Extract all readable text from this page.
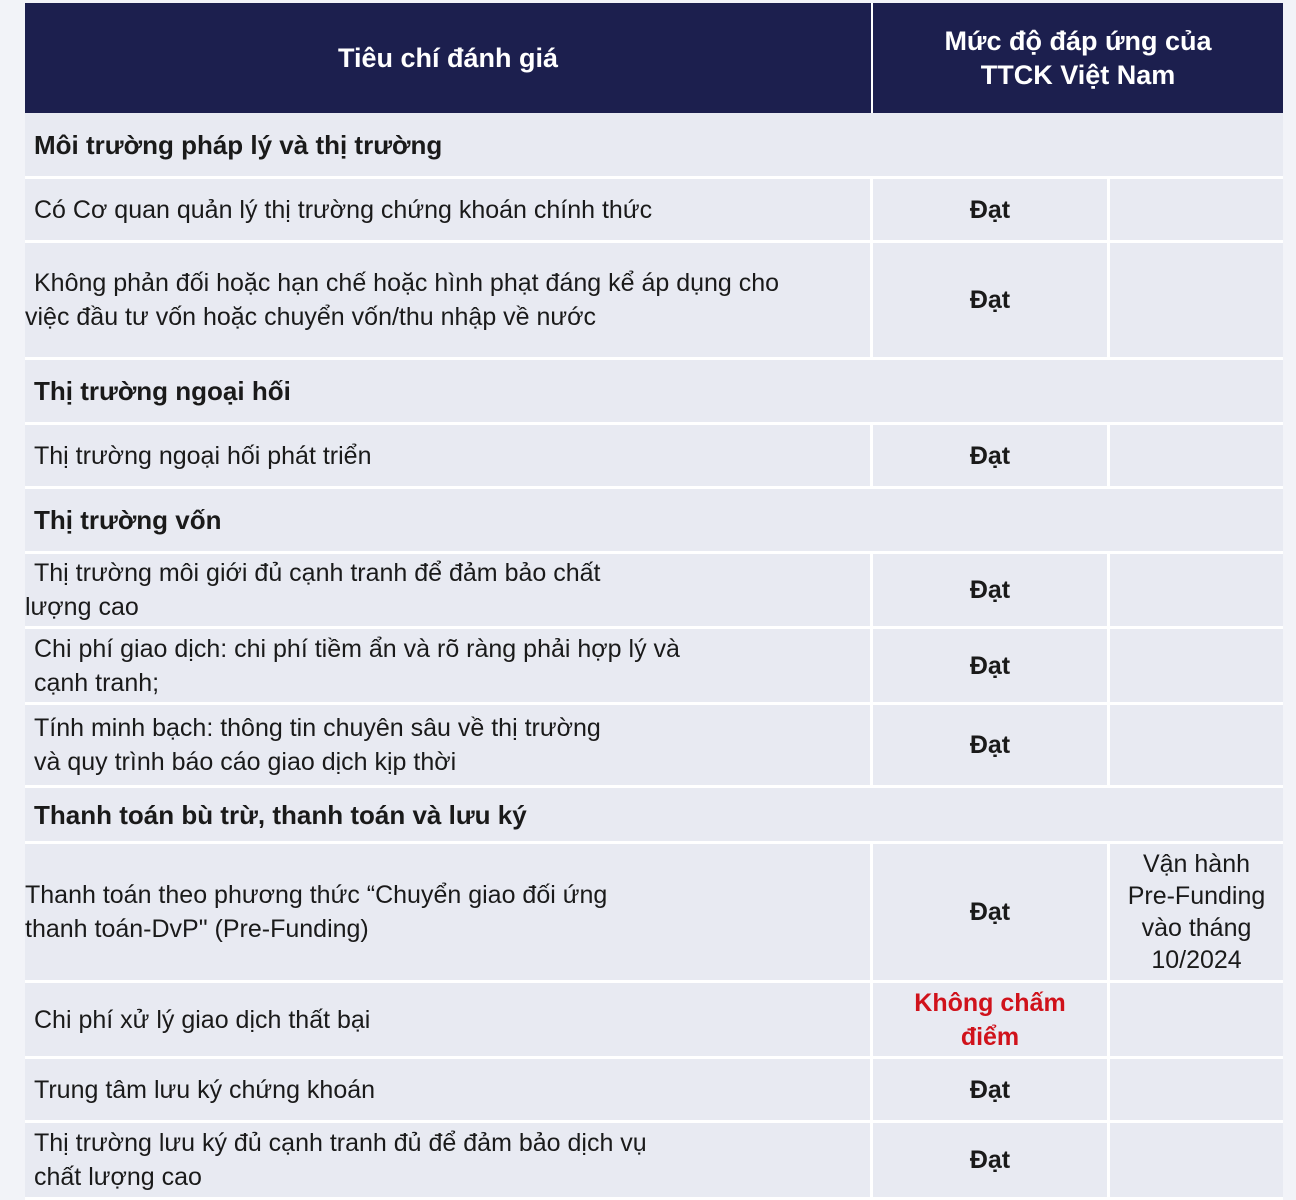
Tiêu chí đánh giá	Mức độ đáp ứng của
TTCK Việt Nam	
Môi trường pháp lý và thị trường		
Có Cơ quan quản lý thị trường chứng khoán chính thức	Đạt	
Không phản đối hoặc hạn chế hoặc hình phạt đáng kể áp dụng cho
việc đầu tư vốn hoặc chuyển vốn/thu nhập về nước	Đạt	
Thị trường ngoại hối		
Thị trường ngoại hối phát triển	Đạt	
Thị trường vốn		
Thị trường môi giới đủ cạnh tranh để đảm bảo chất
lượng cao	Đạt	
Chi phí giao dịch: chi phí tiềm ẩn và rõ ràng phải hợp lý và
cạnh tranh;	Đạt	
Tính minh bạch: thông tin chuyên sâu về thị trường
và quy trình báo cáo giao dịch kịp thời	Đạt	
Thanh toán bù trừ, thanh toán và lưu ký		
Thanh toán theo phương thức “Chuyển giao đối ứng
thanh toán-DvP" (Pre-Funding)	Đạt	Vận hành
Pre-Funding
vào tháng
10/2024
Chi phí xử lý giao dịch thất bại	Không chấm
điểm	
Trung tâm lưu ký chứng khoán	Đạt	
Thị trường lưu ký đủ cạnh tranh đủ để đảm bảo dịch vụ
chất lượng cao	Đạt	
